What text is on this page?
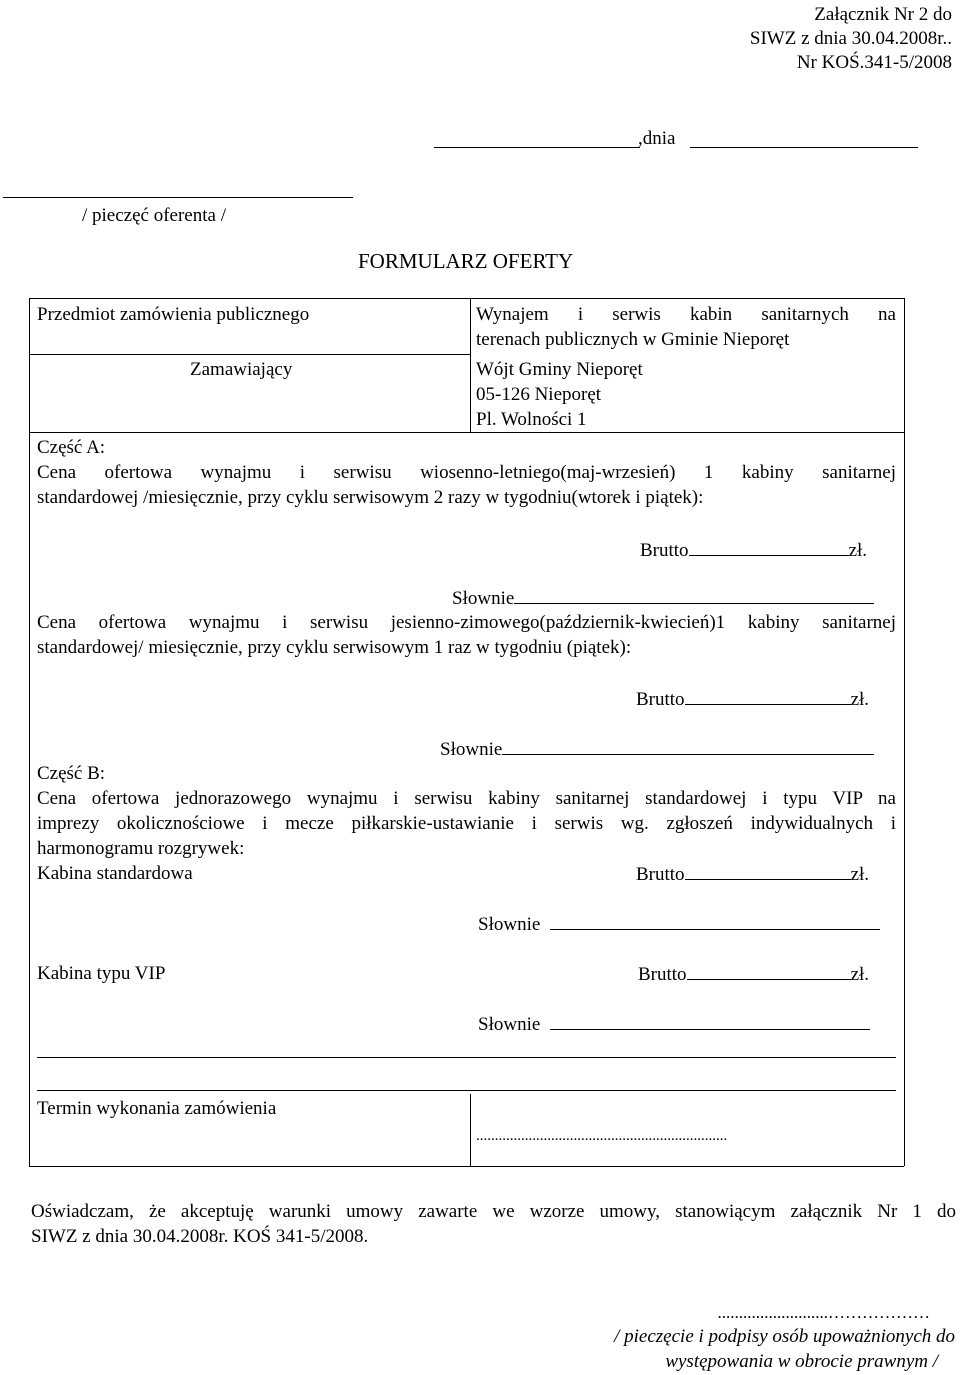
Załącznik Nr 2 do
SIWZ z dnia 30.04.2008r..
Nr KOŚ.341-5/2008
,dnia
/ pieczęć oferenta /
FORMULARZ OFERTY
Przedmiot zamówienia publicznego	Wynajem i serwis kabin sanitarnych na
terenach publicznych w Gminie Nieporęt
Zamawiający	Wójt Gminy Nieporęt
05-126 Nieporęt
Pl. Wolności 1
Część A:
Cena ofertowa wynajmu i serwisu wiosenno-letniego(maj-wrzesień) 1 kabiny sanitarnej
standardowej /miesięcznie, przy cyklu serwisowym 2 razy w tygodniu(wtorek i piątek):
Brutto	zł.
Słownie
Cena ofertowa wynajmu i serwisu jesienno-zimowego(październik-kwiecień)1 kabiny sanitarnej
standardowej/ miesięcznie, przy cyklu serwisowym 1 raz w tygodniu (piątek):
Brutto	zł.
Słownie
Część B:
Cena ofertowa jednorazowego wynajmu i serwisu kabiny sanitarnej standardowej i typu VIP na
imprezy okolicznościowe i mecze piłkarskie-ustawianie i serwis wg. zgłoszeń indywidualnych i
harmonogramu rozgrywek:
Kabina standardowa	Brutto	zł.
Słownie
Kabina typu VIP	Brutto	zł.
Słownie
Termin wykonania zamówienia
...................................................................
Oświadczam, że akceptuję warunki umowy zawarte we wzorze umowy, stanowiącym załącznik Nr 1 do
SIWZ z dnia 30.04.2008r. KOŚ 341-5/2008.
..........................………………
/ pieczęcie i podpisy osób upoważnionych do
występowania w obrocie prawnym /
